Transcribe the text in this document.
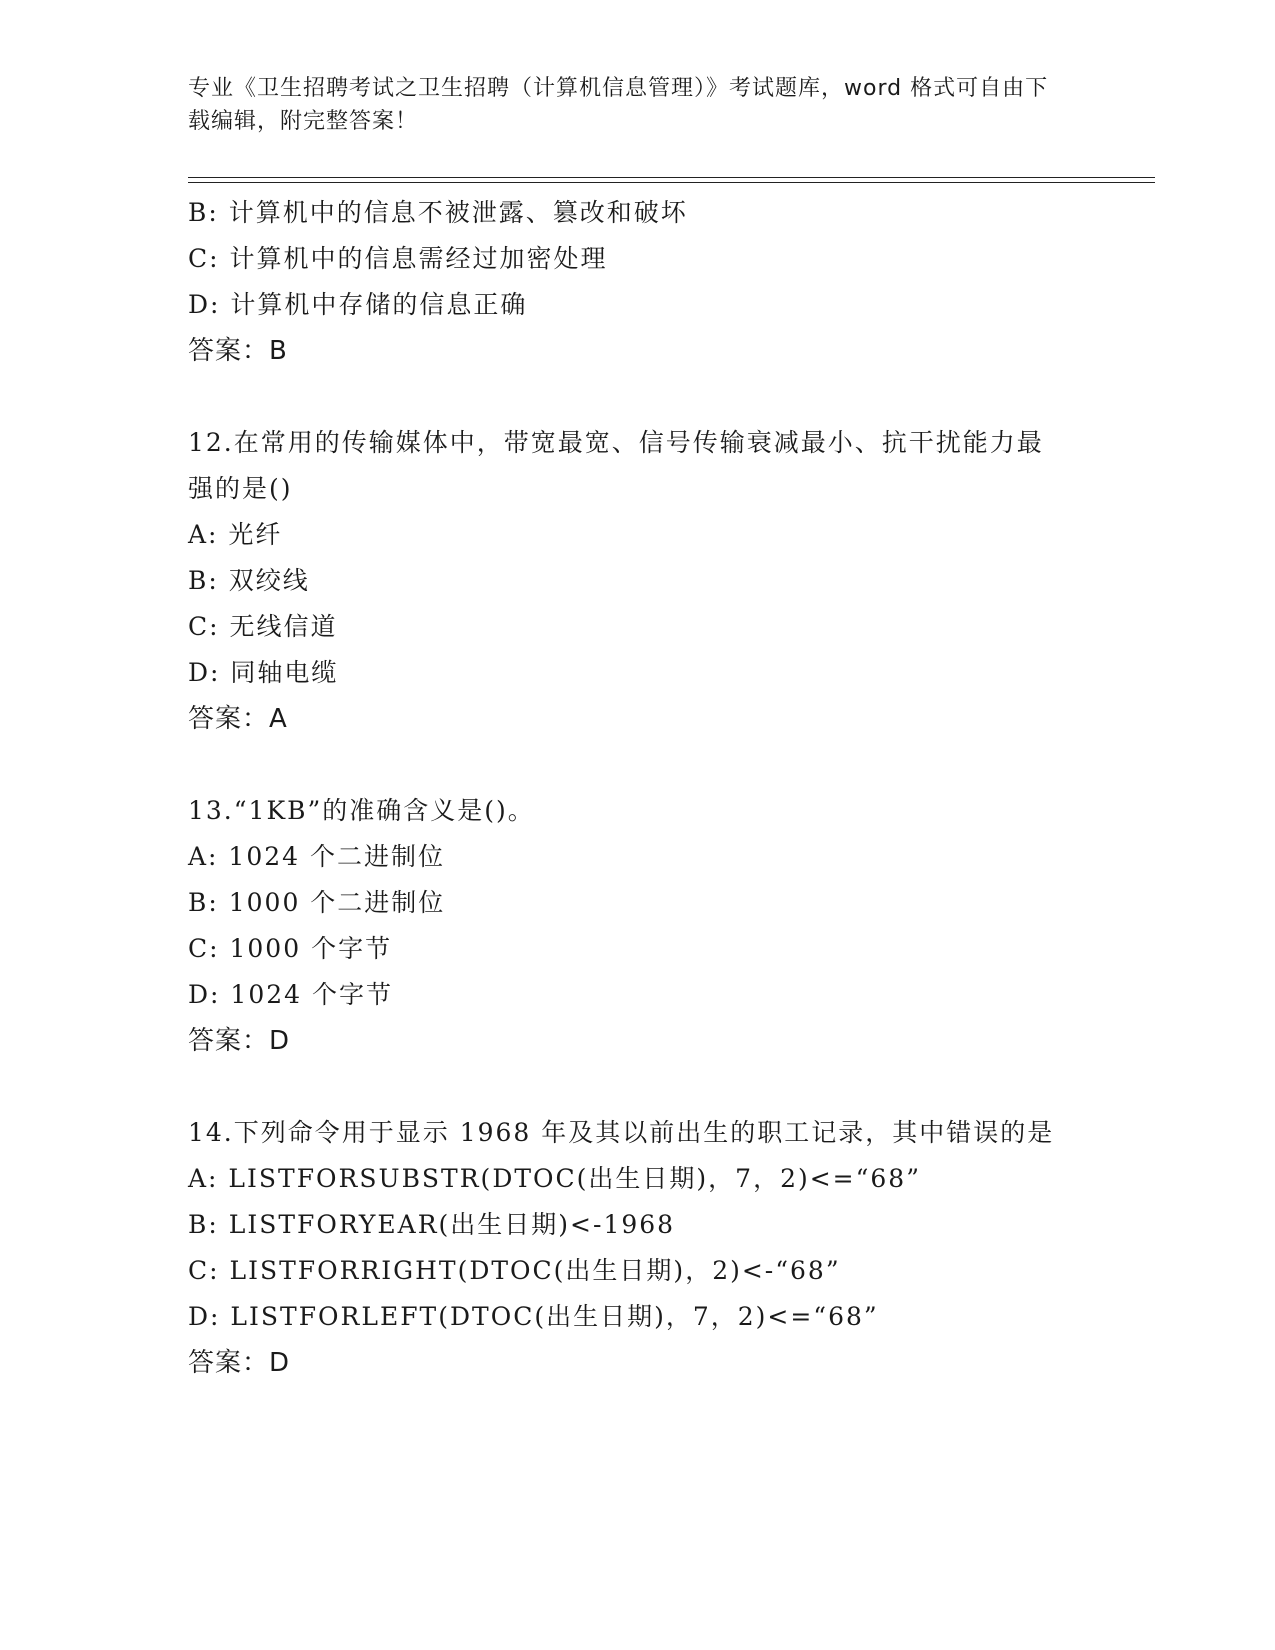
专业《卫生招聘考试之卫生招聘（计算机信息管理）》考试题库，word 格式可自由下载编辑，附完整答案！
B: 计算机中的信息不被泄露、篡改和破坏
C: 计算机中的信息需经过加密处理
D: 计算机中存储的信息正确
答案：B
12.在常用的传输媒体中，带宽最宽、信号传输衰减最小、抗干扰能力最强的是()
A: 光纤
B: 双绞线
C: 无线信道
D: 同轴电缆
答案：A
13.“1KB”的准确含义是()。
A: 1024 个二进制位
B: 1000 个二进制位
C: 1000 个字节
D: 1024 个字节
答案：D
14.下列命令用于显示 1968 年及其以前出生的职工记录，其中错误的是
A: LISTFORSUBSTR(DTOC(出生日期)，7，2)<=“68”
B: LISTFORYEAR(出生日期)<-1968
C: LISTFORRIGHT(DTOC(出生日期)，2)<-“68”
D: LISTFORLEFT(DTOC(出生日期)，7，2)<=“68”
答案：D
